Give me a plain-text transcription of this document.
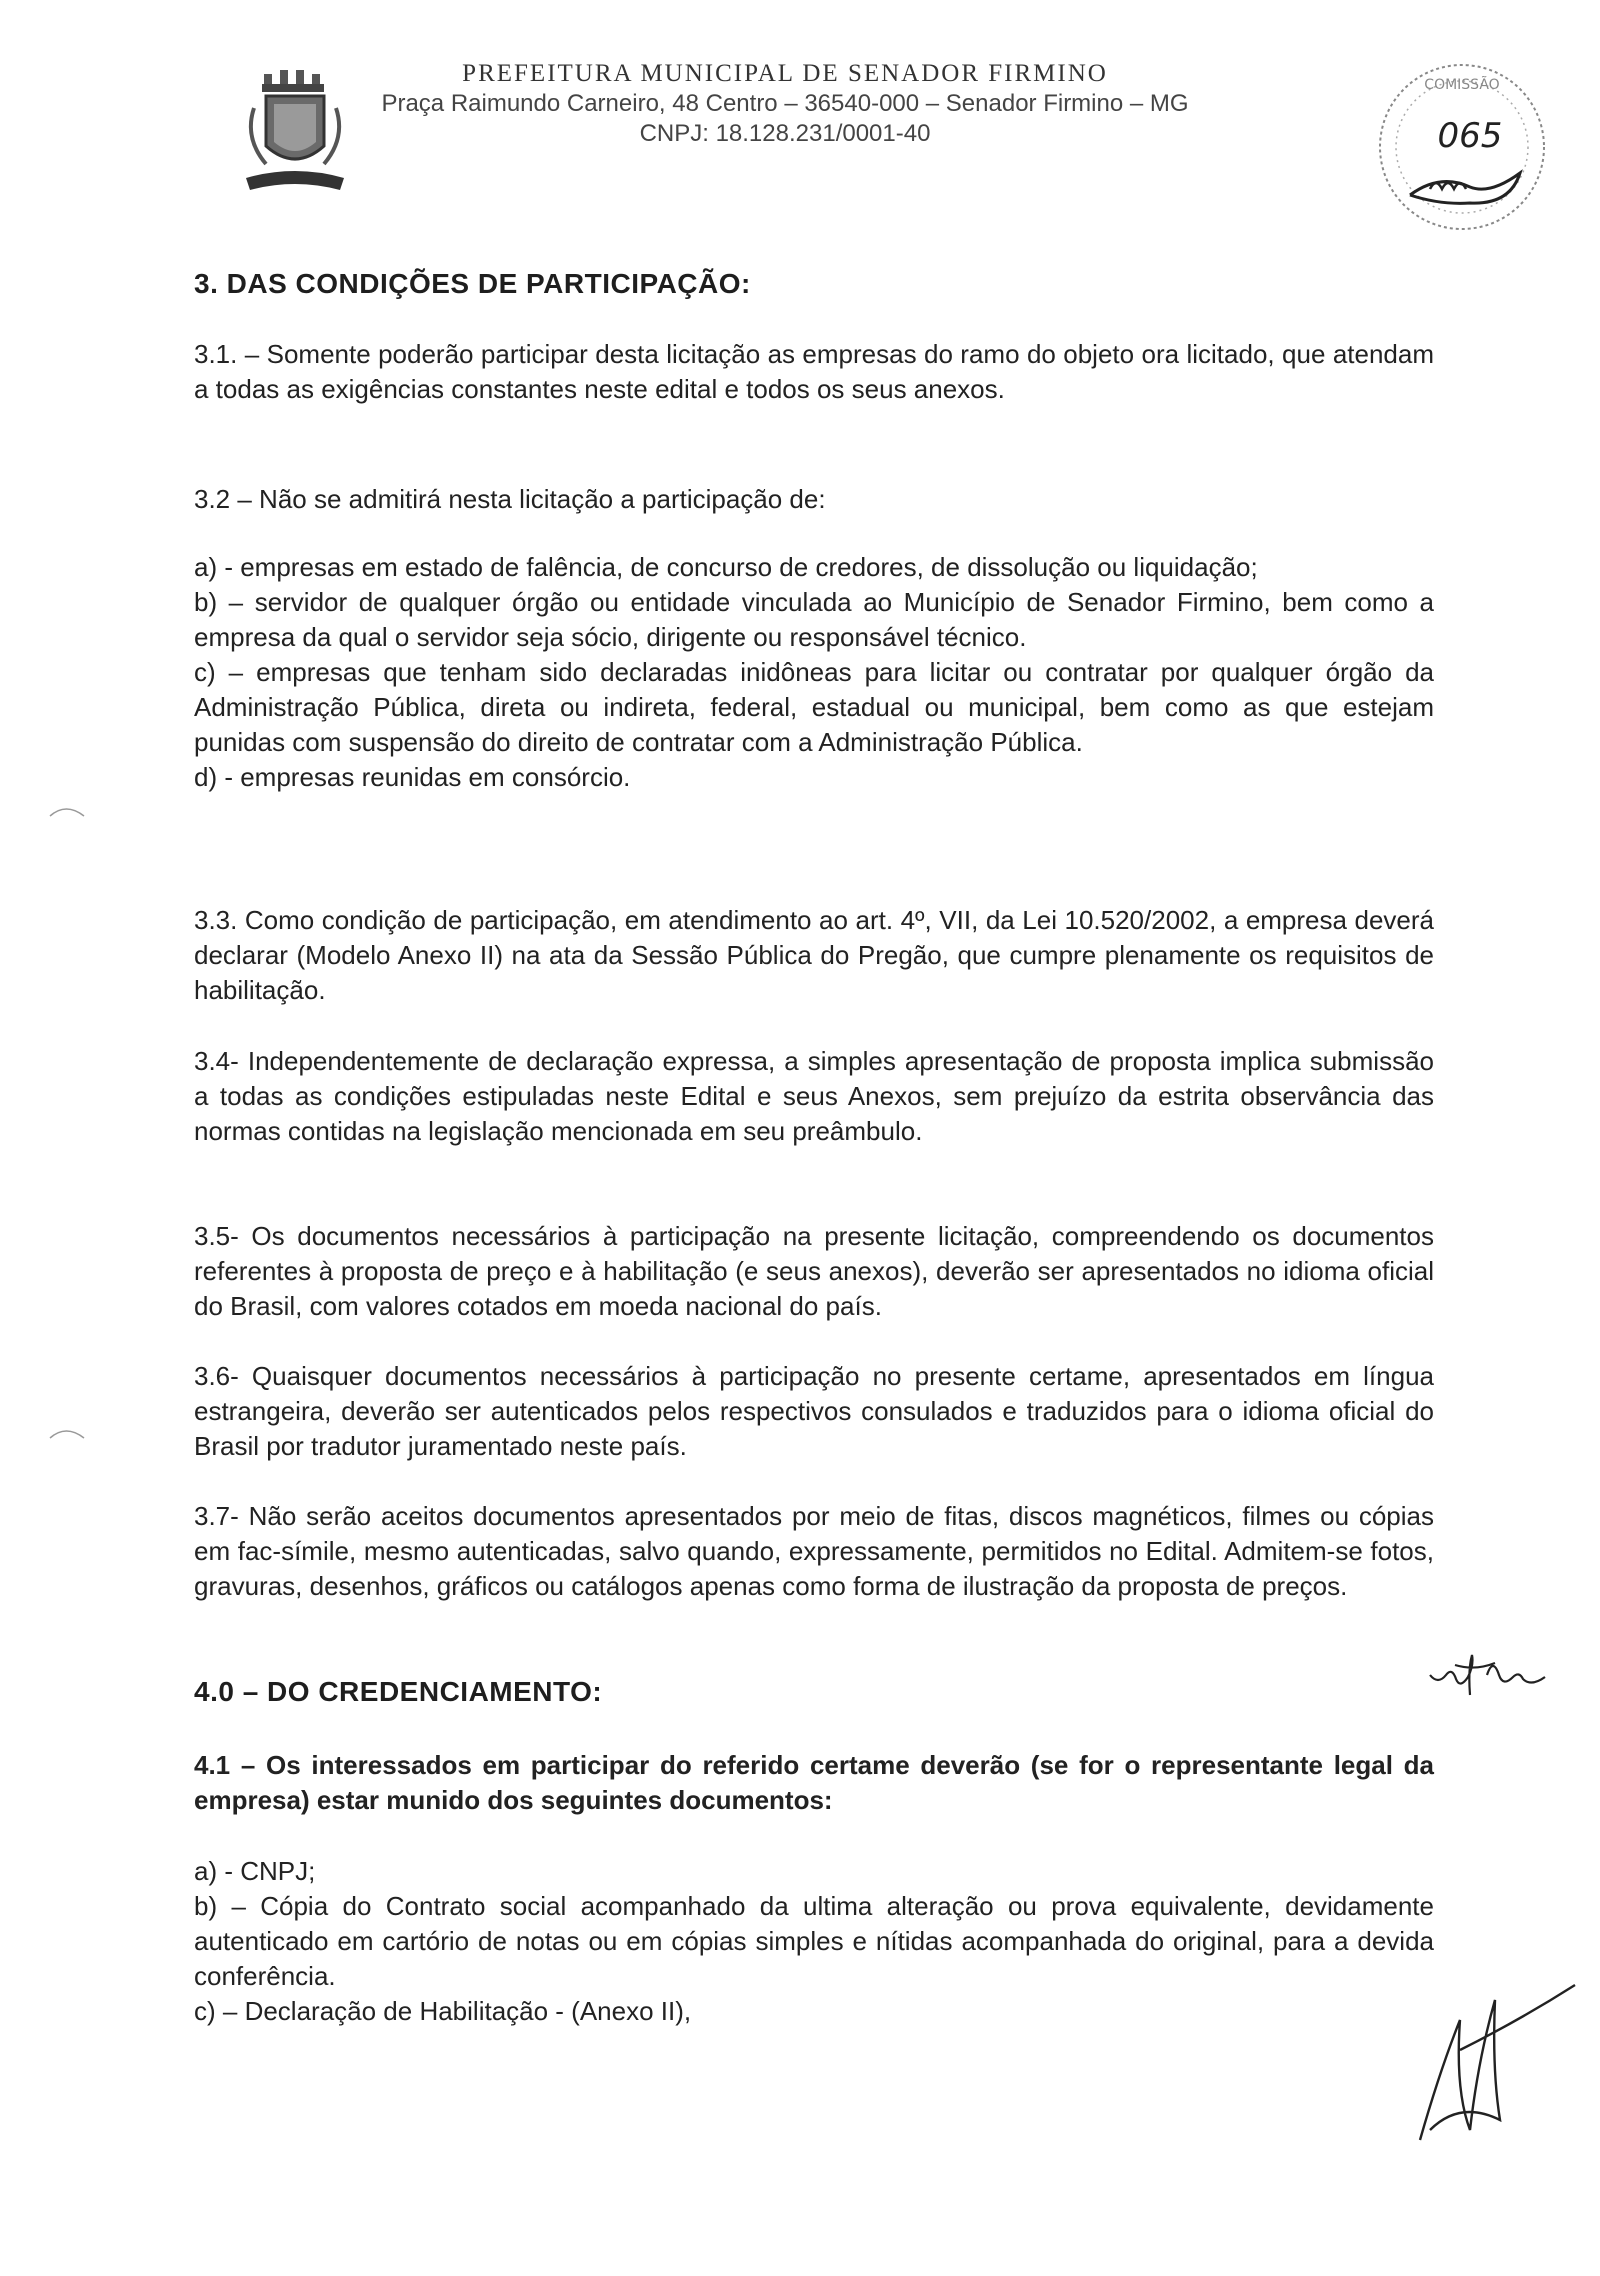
PREFEITURA MUNICIPAL DE SENADOR FIRMINO
Praça Raimundo Carneiro, 48 Centro – 36540-000 – Senador Firmino – MG
CNPJ: 18.128.231/0001-40
COMISSÃO
065
3. DAS CONDIÇÕES DE PARTICIPAÇÃO:
3.1. – Somente poderão participar desta licitação as empresas do ramo do objeto ora licitado, que atendam a todas as exigências constantes neste edital e todos os seus anexos.
3.2 – Não se admitirá nesta licitação a participação de:
a) - empresas em estado de falência, de concurso de credores, de dissolução ou liquidação;
b) – servidor de qualquer órgão ou entidade vinculada ao Município de Senador Firmino, bem como a empresa da qual o servidor seja sócio, dirigente ou responsável técnico.
c) – empresas que tenham sido declaradas inidôneas para licitar ou contratar por qualquer órgão da Administração Pública, direta ou indireta, federal, estadual ou municipal, bem como as que estejam punidas com suspensão do direito de contratar com a Administração Pública.
d) - empresas reunidas em consórcio.
3.3. Como condição de participação, em atendimento ao art. 4º, VII, da Lei 10.520/2002, a empresa deverá declarar (Modelo Anexo II) na ata da Sessão Pública do Pregão, que cumpre plenamente os requisitos de habilitação.
3.4- Independentemente de declaração expressa, a simples apresentação de proposta implica submissão a todas as condições estipuladas neste Edital e seus Anexos, sem prejuízo da estrita observância das normas contidas na legislação mencionada em seu preâmbulo.
3.5- Os documentos necessários à participação na presente licitação, compreendendo os documentos referentes à proposta de preço e à habilitação (e seus anexos), deverão ser apresentados no idioma oficial do Brasil, com valores cotados em moeda nacional do país.
3.6- Quaisquer documentos necessários à participação no presente certame, apresentados em língua estrangeira, deverão ser autenticados pelos respectivos consulados e traduzidos para o idioma oficial do Brasil por tradutor juramentado neste país.
3.7- Não serão aceitos documentos apresentados por meio de fitas, discos magnéticos, filmes ou cópias em fac-símile, mesmo autenticadas, salvo quando, expressamente, permitidos no Edital. Admitem-se fotos, gravuras, desenhos, gráficos ou catálogos apenas como forma de ilustração da proposta de preços.
4.0 – DO CREDENCIAMENTO:
4.1 – Os interessados em participar do referido certame deverão (se for o representante legal da empresa) estar munido dos seguintes documentos:
a) - CNPJ;
b) – Cópia do Contrato social acompanhado da ultima alteração ou prova equivalente, devidamente autenticado em cartório de notas ou em cópias simples e nítidas acompanhada do original, para a devida conferência.
c) – Declaração de Habilitação - (Anexo II),
